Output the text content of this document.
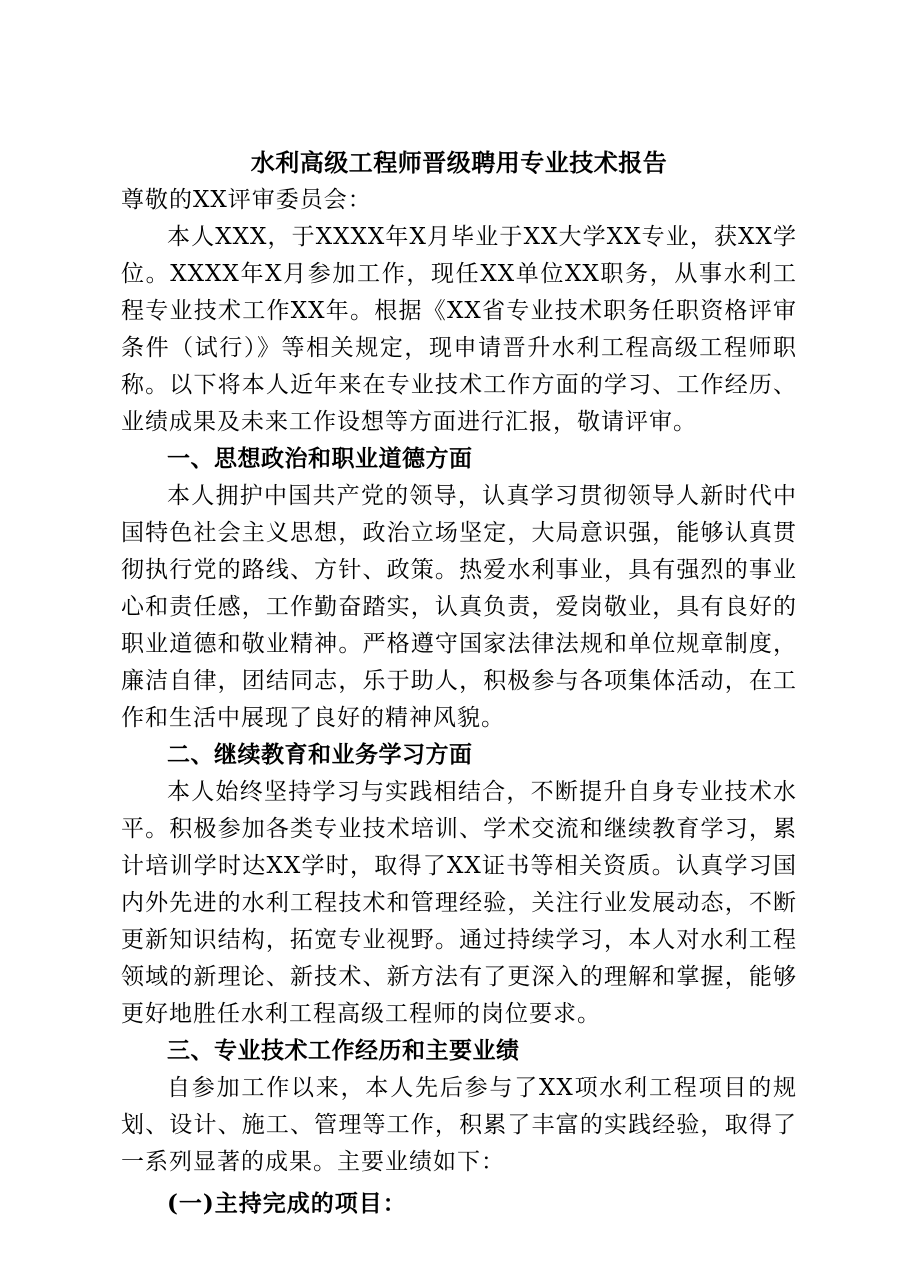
水利高级工程师晋级聘用专业技术报告

尊敬的XX评审委员会：

本人XXX，于XXXX年X月毕业于XX大学XX专业，获XX学位。XXXX年X月参加工作，现任XX单位XX职务，从事水利工程专业技术工作XX年。根据《XX省专业技术职务任职资格评审条件（试行）》等相关规定，现申请晋升水利工程高级工程师职称。以下将本人近年来在专业技术工作方面的学习、工作经历、业绩成果及未来工作设想等方面进行汇报，敬请评审。

一、思想政治和职业道德方面

本人拥护中国共产党的领导，认真学习贯彻领导人新时代中国特色社会主义思想，政治立场坚定，大局意识强，能够认真贯彻执行党的路线、方针、政策。热爱水利事业，具有强烈的事业心和责任感，工作勤奋踏实，认真负责，爱岗敬业，具有良好的职业道德和敬业精神。严格遵守国家法律法规和单位规章制度，廉洁自律，团结同志，乐于助人，积极参与各项集体活动，在工作和生活中展现了良好的精神风貌。

二、继续教育和业务学习方面

本人始终坚持学习与实践相结合，不断提升自身专业技术水平。积极参加各类专业技术培训、学术交流和继续教育学习，累计培训学时达XX学时，取得了XX证书等相关资质。认真学习国内外先进的水利工程技术和管理经验，关注行业发展动态，不断更新知识结构，拓宽专业视野。通过持续学习，本人对水利工程领域的新理论、新技术、新方法有了更深入的理解和掌握，能够更好地胜任水利工程高级工程师的岗位要求。

三、专业技术工作经历和主要业绩

自参加工作以来，本人先后参与了XX项水利工程项目的规划、设计、施工、管理等工作，积累了丰富的实践经验，取得了一系列显著的成果。主要业绩如下：

(一)主持完成的项目：
